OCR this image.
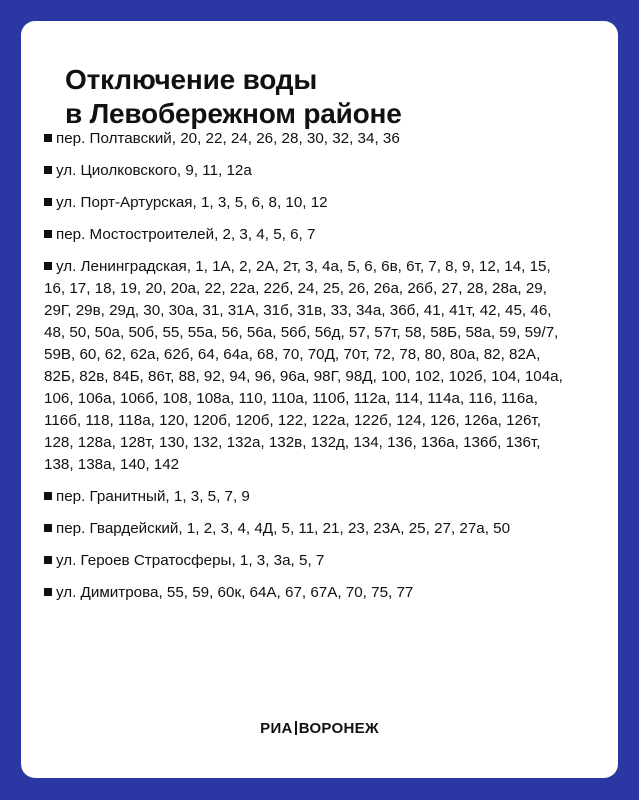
Отключение воды
в Левобережном районе
пер. Полтавский, 20, 22, 24, 26, 28, 30, 32, 34, 36
ул. Циолковского, 9, 11, 12а
ул. Порт-Артурская, 1, 3, 5, 6, 8, 10, 12
пер. Мостостроителей, 2, 3, 4, 5, 6, 7
ул. Ленинградская, 1, 1А, 2, 2А, 2т, 3, 4а, 5, 6, 6в, 6т, 7, 8, 9, 12, 14, 15, 16, 17, 18, 19, 20, 20а, 22, 22а, 22б, 24, 25, 26, 26а, 26б, 27, 28, 28а, 29, 29Г, 29в, 29д, 30, 30а, 31, 31А, 31б, 31в, 33, 34а, 36б, 41, 41т, 42, 45, 46, 48, 50, 50а, 50б, 55, 55а, 56, 56а, 56б, 56д, 57, 57т, 58, 58Б, 58а, 59, 59/7, 59В, 60, 62, 62а, 62б, 64, 64а, 68, 70, 70Д, 70т, 72, 78, 80, 80а, 82, 82А, 82Б, 82в, 84Б, 86т, 88, 92, 94, 96, 96а, 98Г, 98Д, 100, 102, 102б, 104, 104а, 106, 106а, 106б, 108, 108а, 110, 110а, 110б, 112а, 114, 114а, 116, 116а, 116б, 118, 118а, 120, 120б, 120б, 122, 122а, 122б, 124, 126, 126а, 126т, 128, 128а, 128т, 130, 132, 132а, 132в, 132д, 134, 136, 136а, 136б, 136т, 138, 138а, 140, 142
пер. Гранитный, 1, 3, 5, 7, 9
пер. Гвардейский, 1, 2, 3, 4, 4Д, 5, 11, 21, 23, 23А, 25, 27, 27а, 50
ул. Героев Стратосферы, 1, 3, 3а, 5, 7
ул. Димитрова, 55, 59, 60к, 64А, 67, 67А, 70, 75, 77
РИА ВОРОНЕЖ
